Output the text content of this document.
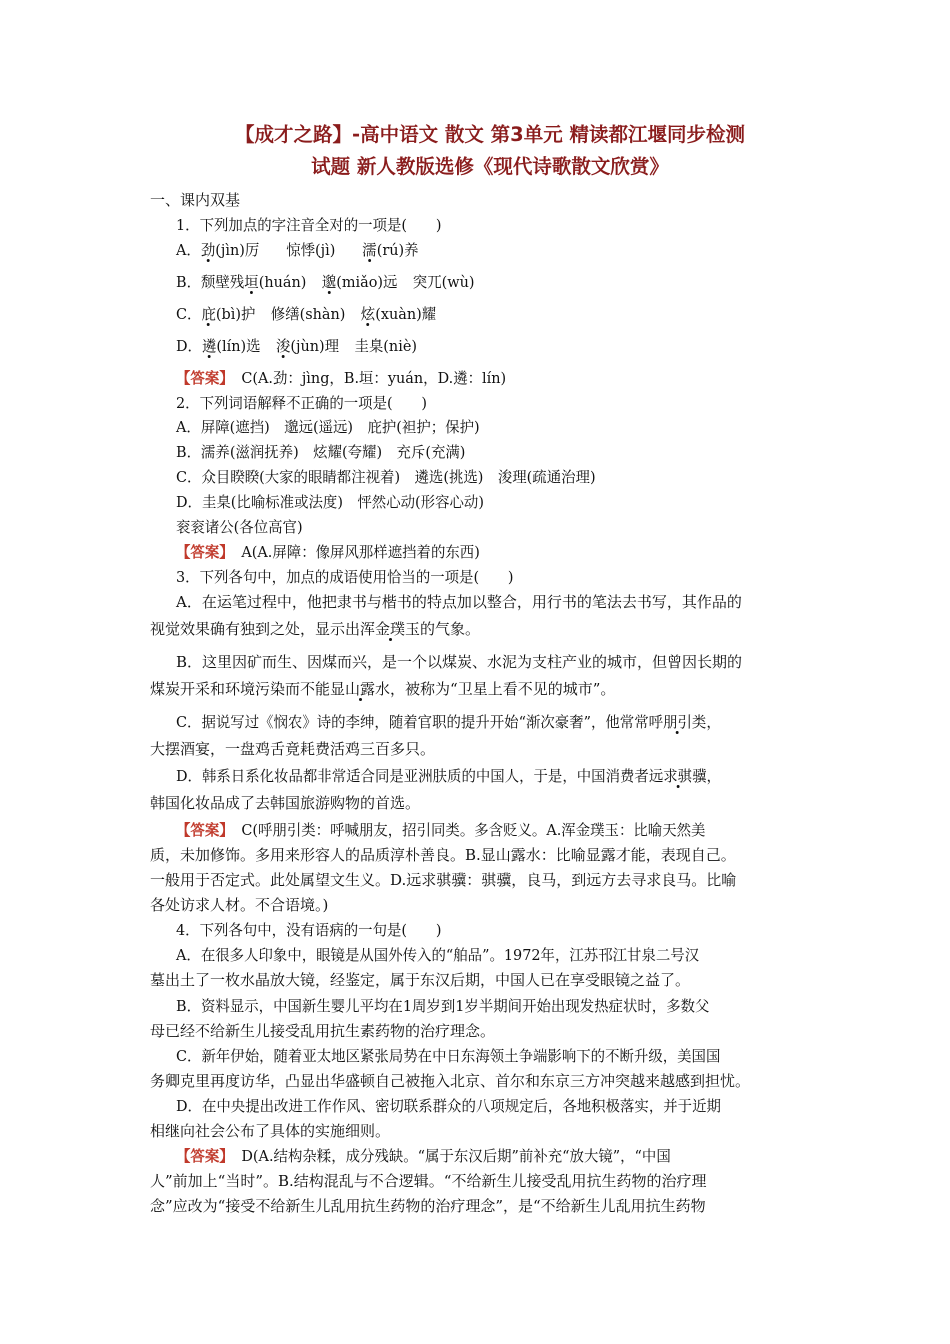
【成才之路】-高中语文 散文 第3单元 精读都江堰同步检测
试题 新人教版选修《现代诗歌散文欣赏》
一、课内双基
1．下列加点的字注音全对的一项是(　　)
A．劲(jìn)厉 惊悸(jì) 濡(rú)养
B．颓壁残垣(huán) 邈(miǎo)远 突兀(wù)
C．庇(bì)护 修缮(shàn) 炫(xuàn)耀
D．遴(lín)选 浚(jùn)理 圭臬(niè)
【答案】 C(A.劲：jìng，B.垣：yuán，D.遴：lín)
2．下列词语解释不正确的一项是(　　)
A．屏障(遮挡)　邈远(遥远)　庇护(袒护；保护)
B．濡养(滋润抚养)　炫耀(夸耀)　充斥(充满)
C．众目睽睽(大家的眼睛都注视着)　遴选(挑选)　浚理(疏通治理)
D．圭臬(比喻标准或法度)　怦然心动(形容心动)
衮衮诸公(各位高官)
【答案】 A(A.屏障：像屏风那样遮挡着的东西)
3．下列各句中，加点的成语使用恰当的一项是(　　)
A．在运笔过程中，他把隶书与楷书的特点加以整合，用行书的笔法去书写，其作品的
视觉效果确有独到之处，显示出浑金璞玉的气象。
B．这里因矿而生、因煤而兴，是一个以煤炭、水泥为支柱产业的城市，但曾因长期的
煤炭开采和环境污染而不能显山露水，被称为“卫星上看不见的城市”。
C．据说写过《悯农》诗的李绅，随着官职的提升开始“渐次豪奢”，他常常呼朋引类，
大摆酒宴，一盘鸡舌竟耗费活鸡三百多只。
D．韩系日系化妆品都非常适合同是亚洲肤质的中国人，于是，中国消费者远求骐骥，
韩国化妆品成了去韩国旅游购物的首选。
【答案】 C(呼朋引类：呼喊朋友，招引同类。多含贬义。A.浑金璞玉：比喻天然美
质，未加修饰。多用来形容人的品质淳朴善良。B.显山露水：比喻显露才能，表现自己。
一般用于否定式。此处属望文生义。D.远求骐骥：骐骥，良马，到远方去寻求良马。比喻
各处访求人材。不合语境。)
4．下列各句中，没有语病的一句是(　　)
A．在很多人印象中，眼镜是从国外传入的“舶品”。1972年，江苏邗江甘泉二号汉
墓出土了一枚水晶放大镜，经鉴定，属于东汉后期，中国人已在享受眼镜之益了。
B．资料显示，中国新生婴儿平均在1周岁到1岁半期间开始出现发热症状时，多数父
母已经不给新生儿接受乱用抗生素药物的治疗理念。
C．新年伊始，随着亚太地区紧张局势在中日东海领土争端影响下的不断升级，美国国
务卿克里再度访华，凸显出华盛顿自己被拖入北京、首尔和东京三方冲突越来越感到担忧。
D．在中央提出改进工作作风、密切联系群众的八项规定后，各地积极落实，并于近期
相继向社会公布了具体的实施细则。
【答案】 D(A.结构杂糅，成分残缺。“属于东汉后期”前补充“放大镜”，“中国
人”前加上“当时”。B.结构混乱与不合逻辑。“不给新生儿接受乱用抗生药物的治疗理
念”应改为“接受不给新生儿乱用抗生药物的治疗理念”，是“不给新生儿乱用抗生药物
